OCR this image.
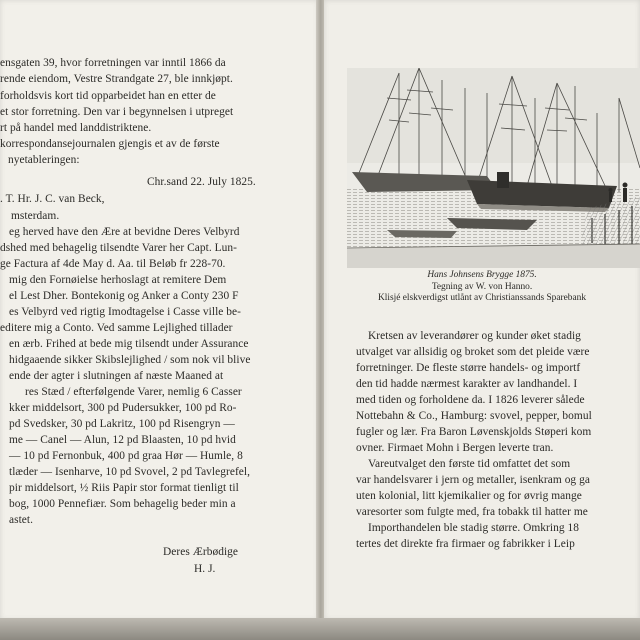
ensgaten 39, hvor forretningen var inntil 1866 da
rende eiendom, Vestre Strandgate 27, ble innkjøpt.
forholdsvis kort tid opparbeidet han en etter de
et stor forretning. Den var i begynnelsen i utpreget
rt på handel med landdistriktene.
korrespondansejournalen gjengis et av de første
nyetableringen:
Chr.sand 22. July 1825.
. T. Hr. J. C. van Beck,
msterdam.
eg herved have den Ære at bevidne Deres Velbyrd
dshed med behagelig tilsendte Varer her Capt. Lun-
ge Factura af 4de May d. Aa. til Beløb fr 228-70.
mig den Fornøielse herhoslagt at remitere Dem
el Lest Dher. Bontekonig og Anker a Conty 230 F
es Velbyrd ved rigtig Imodtagelse i Casse ville be-
editere mig a Conto. Ved samme Lejlighed tillader
en ærb. Frihed at bede mig tilsendt under Assurance
hidgaaende sikker Skibslejlighed / som nok vil blive
ende der agter i slutningen af næste Maaned at
res Stæd / efterfølgende Varer, nemlig 6 Casser
kker middelsort, 300 pd Pudersukker, 100 pd Ro-
pd Svedsker, 30 pd Lakritz, 100 pd Risengryn —
me — Canel — Alun, 12 pd Blaasten, 10 pd hvid
— 10 pd Fernonbuk, 400 pd graa Hør — Humle, 8
tlæder — Isenharve, 10 pd Svovel, 2 pd Tavlegrefel,
pir middelsort, ½ Riis Papir stor format tienligt til
bog, 1000 Pennefiær. Som behagelig beder min a
astet.
Deres Ærbødige
H. J.
Hans Johnsens Brygge 1875.
Tegning av W. von Hanno.
Klisjé elskverdigst utlånt av Christianssands Sparebank
Kretsen av leverandører og kunder øket stadig
utvalget var allsidig og broket som det pleide være
forretninger. De fleste større handels- og importf
den tid hadde nærmest karakter av landhandel. I
med tiden og forholdene da. I 1826 leverer sålede
Nottebahn & Co., Hamburg: svovel, pepper, bomul
fugler og lær. Fra Baron Løvenskjolds Støperi kom
ovner. Firmaet Mohn i Bergen leverte tran.
Vareutvalget den første tid omfattet det som
var handelsvarer i jern og metaller, isenkram og ga
uten kolonial, litt kjemikalier og for øvrig mange
varesorter som fulgte med, fra tobakk til hatter me
Importhandelen ble stadig større. Omkring 18
tertes det direkte fra firmaer og fabrikker i Leip
